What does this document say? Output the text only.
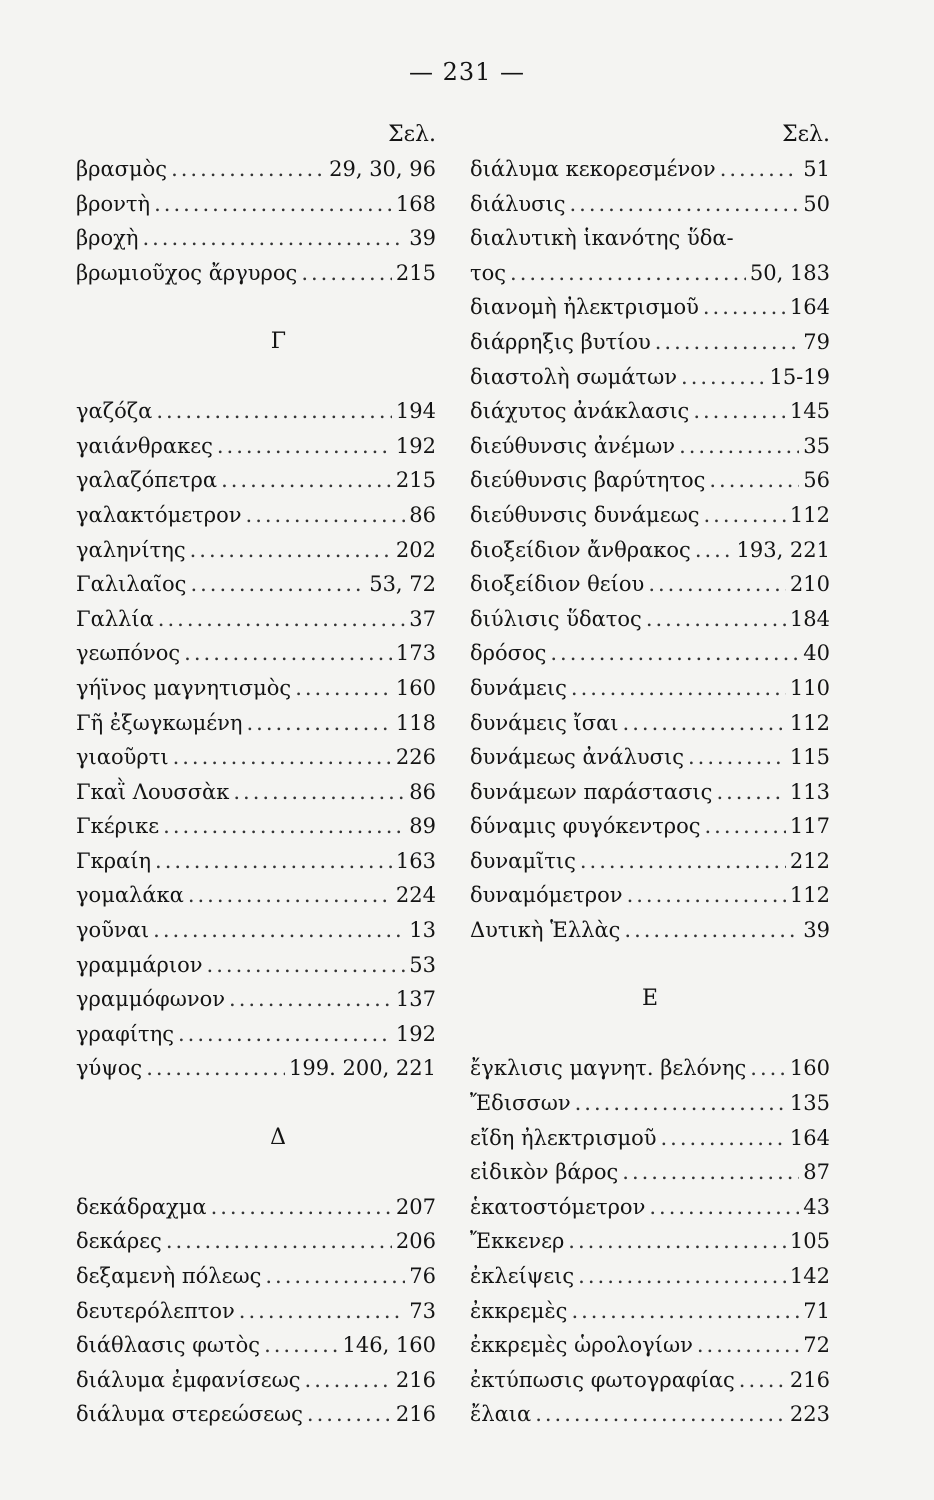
— 231 —
Σελ.
βρασμὸς .....	29, 30, 96
βροντὴ .....	168
βροχὴ .....	39
βρωμιοῦχος ἄργυρος .....	215
Γ
γαζόζα .....	194
γαιάνθρακες .....	192
γαλαζόπετρα .....	215
γαλακτόμετρον .....	86
γαληνίτης .....	202
Γαλιλαῖος .....	53, 72
Γαλλία .....	37
γεωπόνος .....	173
γήϊνος μαγνητισμὸς .....	160
Γῆ ἐξωγκωμένη .....	118
γιαοῦρτι .....	226
Γκαῒ Λουσσὰκ .....	86
Γκέρικε .....	89
Γκραίη .....	163
γομαλάκα .....	224
γοῦναι .....	13
γραμμάριον .....	53
γραμμόφωνον .....	137
γραφίτης .....	192
γύψος .....	199. 200, 221
Δ
δεκάδραχμα .....	207
δεκάρες .....	206
δεξαμενὴ πόλεως .....	76
δευτερόλεπτον .....	73
διάθλασις φωτὸς .....	146, 160
διάλυμα ἐμφανίσεως .....	216
διάλυμα στερεώσεως .....	216
Σελ.
διάλυμα κεκορεσμένον .....	51
διάλυσις .....	50
διαλυτικὴ ἱκανότης ὕδα-
τος .....	50, 183
διανομὴ ἠλεκτρισμοῦ .....	164
διάρρηξις βυτίου .....	79
διαστολὴ σωμάτων .....	15-19
διάχυτος ἀνάκλασις .....	145
διεύθυνσις ἀνέμων .....	35
διεύθυνσις βαρύτητος .....	56
διεύθυνσις δυνάμεως .....	112
διοξείδιον ἄνθρακος ..... 193, 221
διοξείδιον θείου .....	210
διύλισις ὕδατος .....	184
δρόσος .....	40
δυνάμεις .....	110
δυνάμεις ἴσαι .....	112
δυνάμεως ἀνάλυσις .....	115
δυνάμεων παράστασις .....	113
δύναμις φυγόκεντρος .....	117
δυναμῖτις .....	212
δυναμόμετρον .....	112
Δυτικὴ Ἑλλὰς .....	39
Ε
ἔγκλισις μαγνητ. βελόνης ..... 160
Ἔδισσων .....	135
εἴδη ἠλεκτρισμοῦ .....	164
εἰδικὸν βάρος .....	87
ἑκατοστόμετρον .....	43
Ἔκκενερ .....	105
ἐκλείψεις .....	142
ἐκκρεμὲς .....	71
ἐκκρεμὲς ὡρολογίων .....	72
ἐκτύπωσις φωτογραφίας .....	216
ἔλαια .....	223
